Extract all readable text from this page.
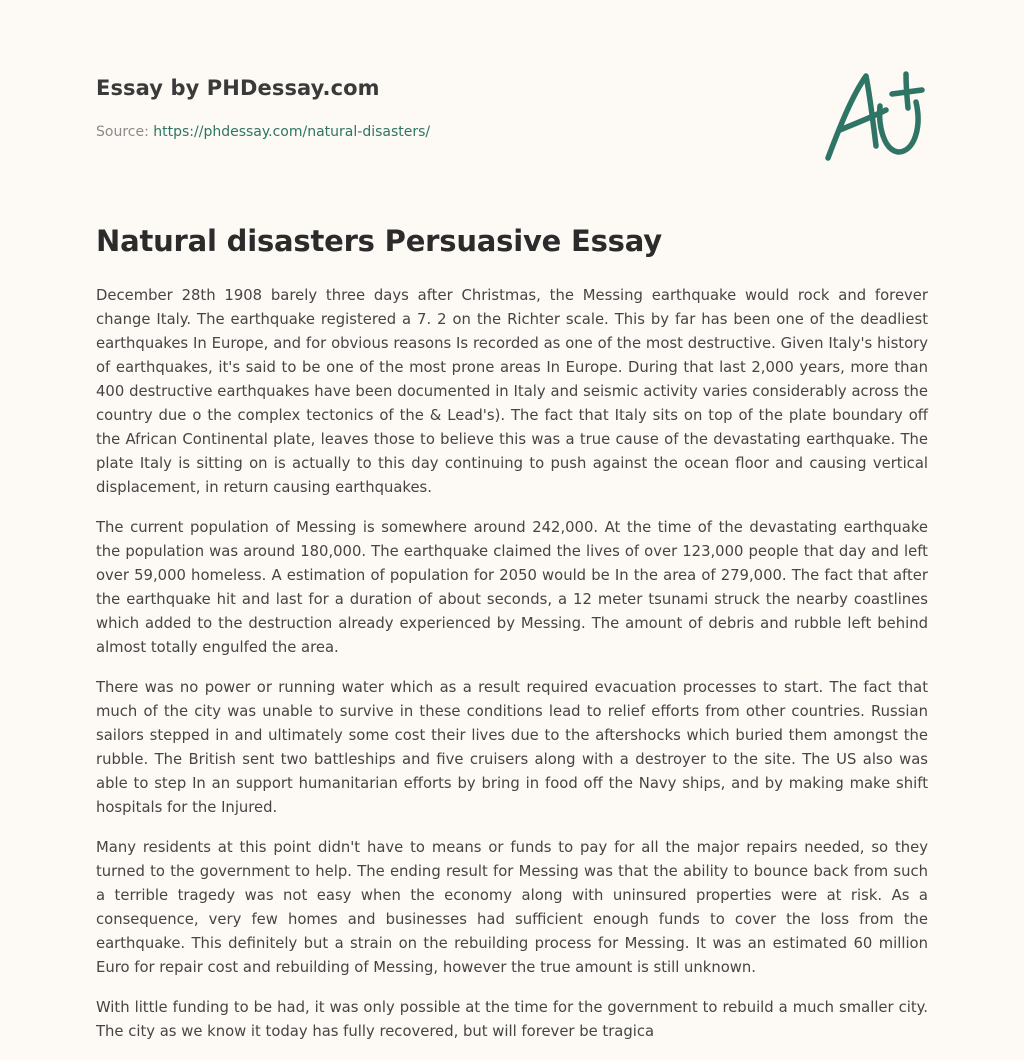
Essay by PHDessay.com
Source: https://phdessay.com/natural-disasters/
Natural disasters Persuasive Essay

December 28th 1908 barely three days after Christmas, the Messing earthquake would rock and forever change Italy. The earthquake registered a 7. 2 on the Richter scale. This by far has been one of the deadliest earthquakes In Europe, and for obvious reasons Is recorded as one of the most destructive. Given Italy's history of earthquakes, it's said to be one of the most prone areas In Europe. During that last 2,000 years, more than 400 destructive earthquakes have been documented in Italy and seismic activity varies considerably across the country due o the complex tectonics of the & Lead's). The fact that Italy sits on top of the plate boundary off the African Continental plate, leaves those to believe this was a true cause of the devastating earthquake. The plate Italy is sitting on is actually to this day continuing to push against the ocean floor and causing vertical displacement, in return causing earthquakes.

The current population of Messing is somewhere around 242,000. At the time of the devastating earthquake the population was around 180,000. The earthquake claimed the lives of over 123,000 people that day and left over 59,000 homeless. A estimation of population for 2050 would be In the area of 279,000. The fact that after the earthquake hit and last for a duration of about seconds, a 12 meter tsunami struck the nearby coastlines which added to the destruction already experienced by Messing. The amount of debris and rubble left behind almost totally engulfed the area.

There was no power or running water which as a result required evacuation processes to start. The fact that much of the city was unable to survive in these conditions lead to relief efforts from other countries. Russian sailors stepped in and ultimately some cost their lives due to the aftershocks which buried them amongst the rubble. The British sent two battleships and five cruisers along with a destroyer to the site. The US also was able to step In an support humanitarian efforts by bring in food off the Navy ships, and by making make shift hospitals for the Injured.

Many residents at this point didn't have to means or funds to pay for all the major repairs needed, so they turned to the government to help. The ending result for Messing was that the ability to bounce back from such a terrible tragedy was not easy when the economy along with uninsured properties were at risk. As a consequence, very few homes and businesses had sufficient enough funds to cover the loss from the earthquake. This definitely but a strain on the rebuilding process for Messing. It was an estimated 60 million Euro for repair cost and rebuilding of Messing, however the true amount is still unknown.

With little funding to be had, it was only possible at the time for the government to rebuild a much smaller city. The city as we know it today has fully recovered, but will forever be tragica
